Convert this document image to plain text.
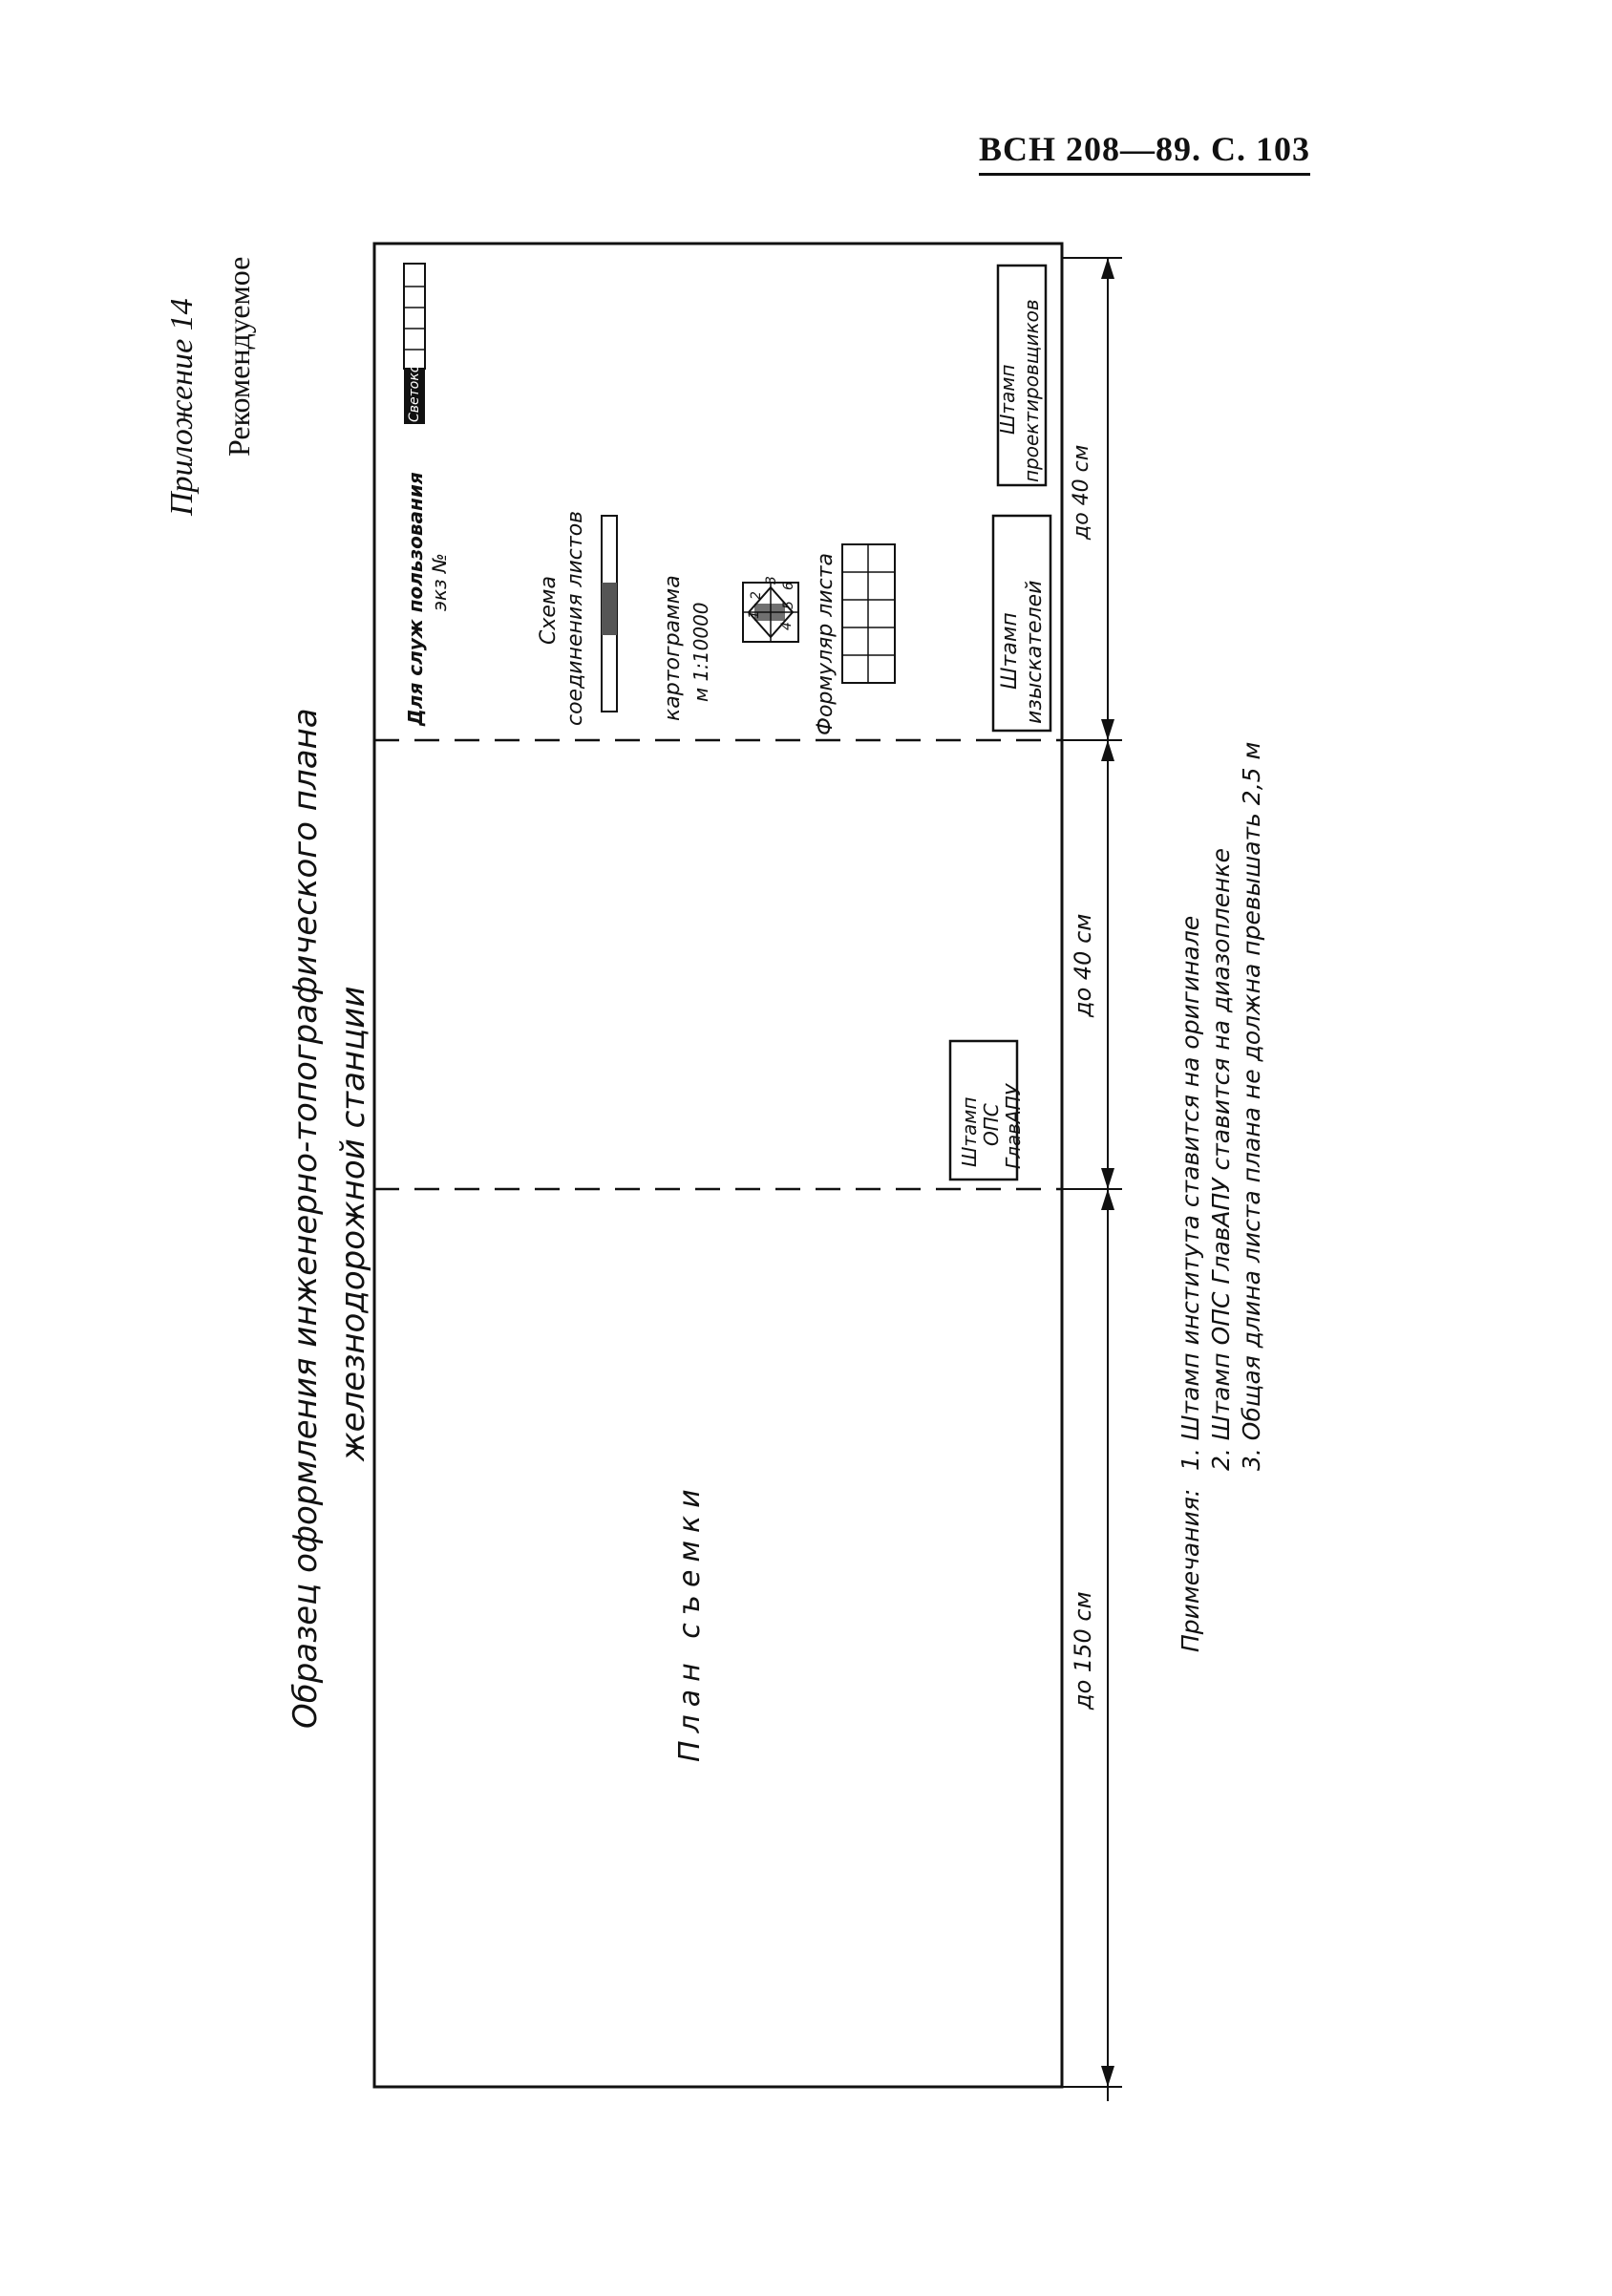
ВСН 208—89. С. 103
Приложение 14 Рекомендуемое
Образец оформления инженерно-топографического плана железнодорожной станции
План съемки
Штамп ОПС ГлавАПУ
Для служ пользования экз №
Светокоп
Схема соединения листов	картограмма м 1:10000	1
2
3
4
5
6 Формуляр листа	Штамп изыскателей
Штамп проектировщиков
до 150 см
до 40 см
до 40 см
Примечания:
1. Штамп института ставится на оригинале 2. Штамп ОПС ГлавАПУ ставится на диазопленке 3. Общая длина листа плана не должна превышать 2,5 м
